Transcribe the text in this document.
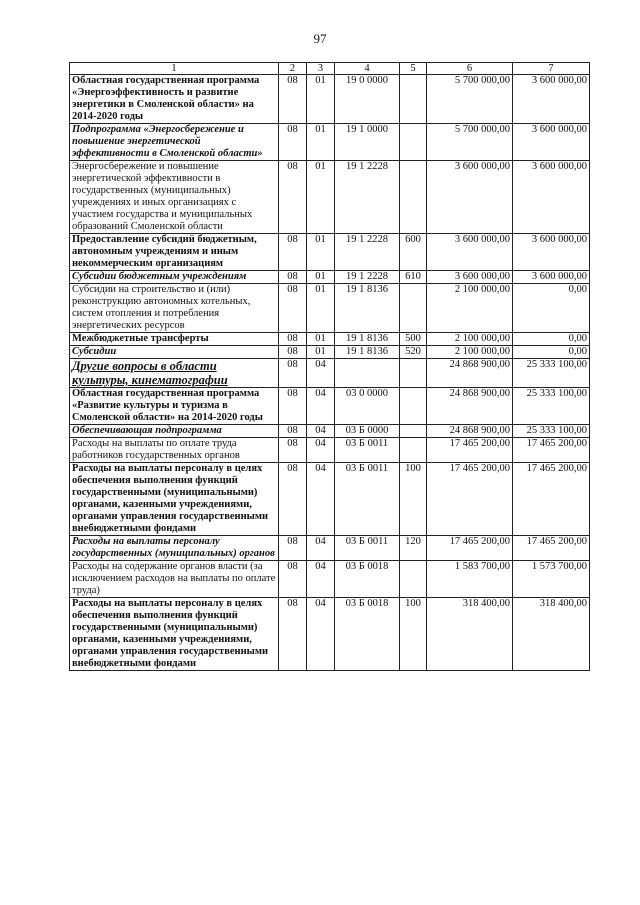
97
1	2	3	4	5	6	7
Областная государственная программа «Энергоэффективность и развитие энергетики в Смоленской области» на 2014-2020 годы	08	01	19 0 0000		5 700 000,00	3 600 000,00
Подпрограмма «Энергосбережение и повышение энергетической эффективности в Смоленской области»	08	01	19 1 0000		5 700 000,00	3 600 000,00
Энергосбережение и повышение энергетической эффективности в государственных (муниципальных) учреждениях и иных организациях с участием государства и муниципальных образований Смоленской области	08	01	19 1 2228		3 600 000,00	3 600 000,00
Предоставление субсидий бюджетным, автономным учреждениям и иным некоммерческим организациям	08	01	19 1 2228	600	3 600 000,00	3 600 000,00
Субсидии бюджетным учреждениям	08	01	19 1 2228	610	3 600 000,00	3 600 000,00
Субсидии на строительство и (или) реконструкцию автономных котельных, систем отопления и потребления энергетических ресурсов	08	01	19 1 8136		2 100 000,00	0,00
Межбюджетные трансферты	08	01	19 1 8136	500	2 100 000,00	0,00
Субсидии	08	01	19 1 8136	520	2 100 000,00	0,00
Другие вопросы в области культуры, кинематографии	08	04			24 868 900,00	25 333 100,00
Областная государственная программа «Развитие культуры и туризма в Смоленской области» на 2014-2020 годы	08	04	03 0 0000		24 868 900,00	25 333 100,00
Обеспечивающая подпрограмма	08	04	03 Б 0000		24 868 900,00	25 333 100,00
Расходы на выплаты по оплате труда работников государственных органов	08	04	03 Б 0011		17 465 200,00	17 465 200,00
Расходы на выплаты персоналу в целях обеспечения выполнения функций государственными (муниципальными) органами, казенными учреждениями, органами управления государственными внебюджетными фондами	08	04	03 Б 0011	100	17 465 200,00	17 465 200,00
Расходы на выплаты персоналу государственных (муниципальных) органов	08	04	03 Б 0011	120	17 465 200,00	17 465 200,00
Расходы на содержание органов власти (за исключением расходов на выплаты по оплате труда)	08	04	03 Б 0018		1 583 700,00	1 573 700,00
Расходы на выплаты персоналу в целях обеспечения выполнения функций государственными (муниципальными) органами, казенными учреждениями, органами управления государственными внебюджетными фондами	08	04	03 Б 0018	100	318 400,00	318 400,00
